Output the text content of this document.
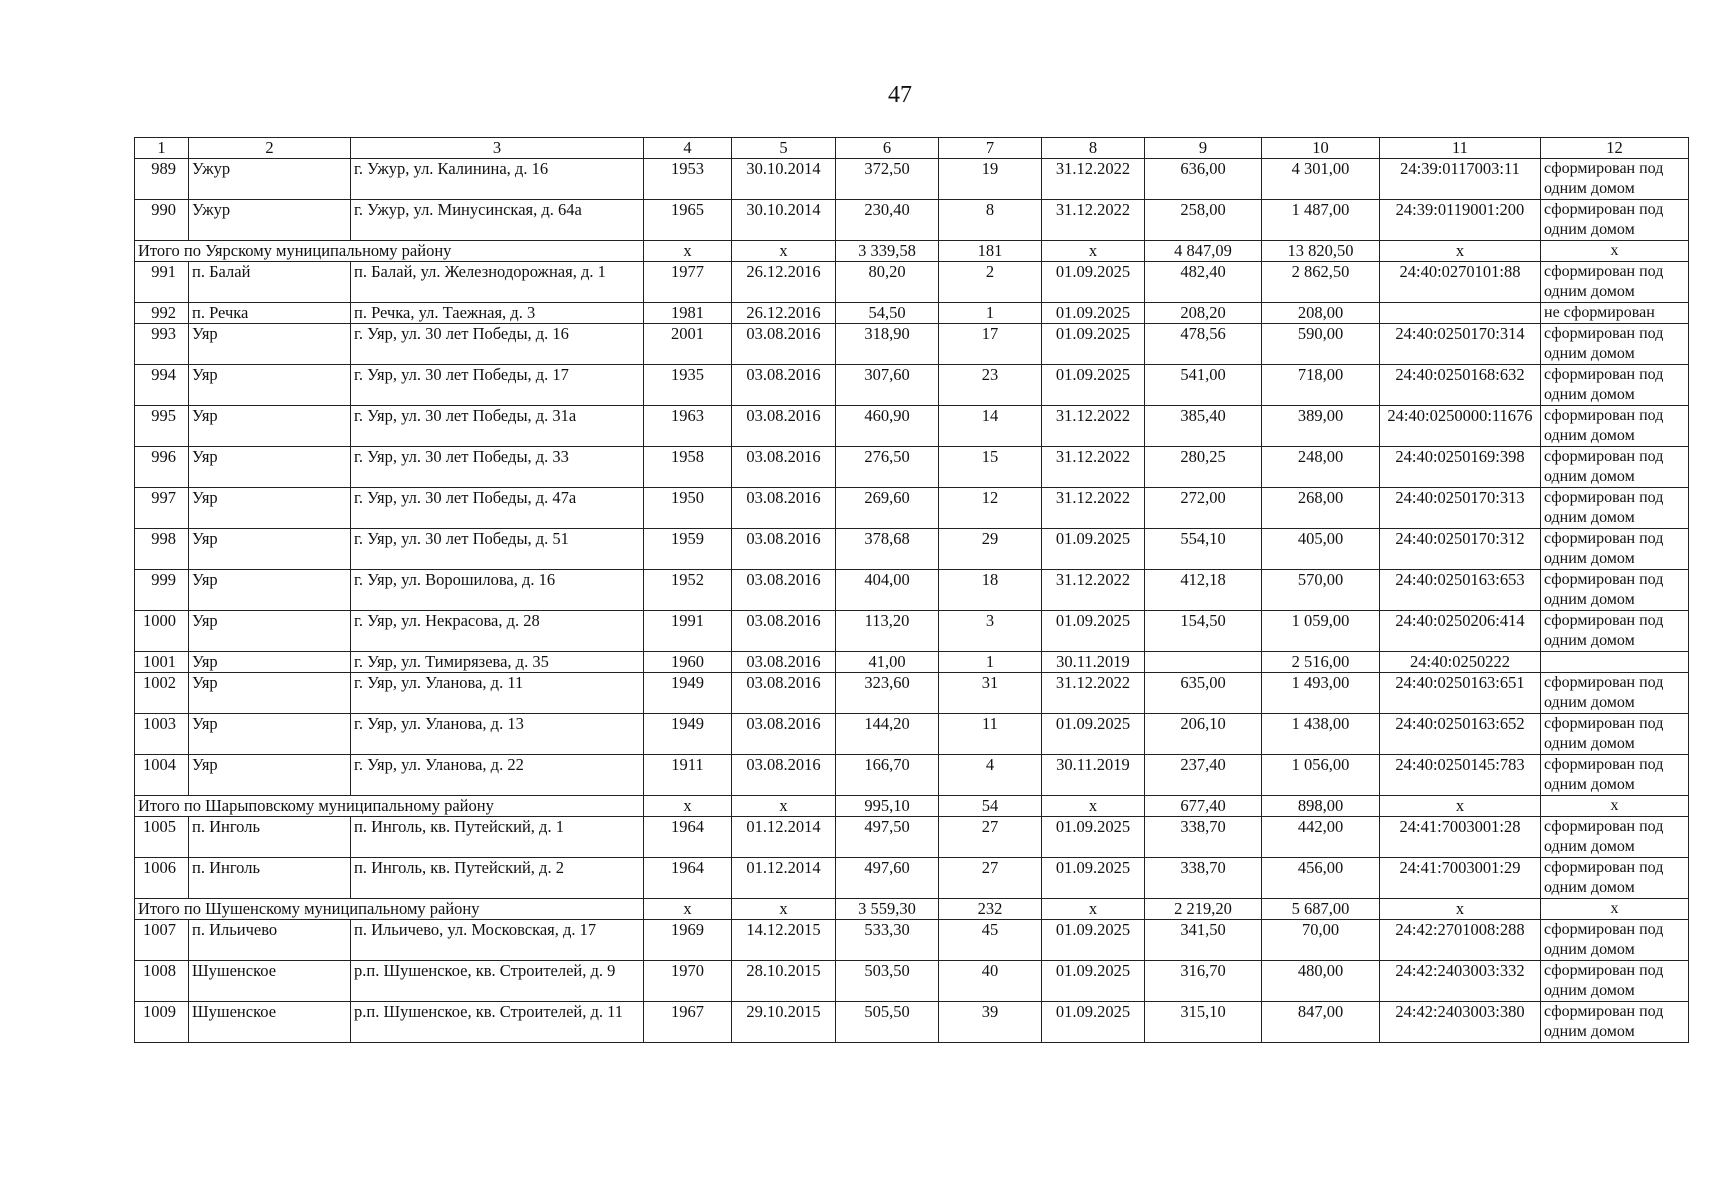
47
1	2	3	4	5	6	7	8	9	10	11	12
989	Ужур	г. Ужур, ул. Калинина, д. 16	1953	30.10.2014	372,50	19	31.12.2022	636,00	4 301,00	24:39:0117003:11	сформирован под одним домом
990	Ужур	г. Ужур, ул. Минусинская, д. 64а	1965	30.10.2014	230,40	8	31.12.2022	258,00	1 487,00	24:39:0119001:200	сформирован под одним домом
Итого по Уярскому муниципальному району			x	x	3 339,58	181	x	4 847,09	13 820,50	x	x
991	п. Балай	п. Балай, ул. Железнодорожная, д. 1	1977	26.12.2016	80,20	2	01.09.2025	482,40	2 862,50	24:40:0270101:88	сформирован под одним домом
992	п. Речка	п. Речка, ул. Таежная, д. 3	1981	26.12.2016	54,50	1	01.09.2025	208,20	208,00		не сформирован
993	Уяр	г. Уяр, ул. 30 лет Победы, д. 16	2001	03.08.2016	318,90	17	01.09.2025	478,56	590,00	24:40:0250170:314	сформирован под одним домом
994	Уяр	г. Уяр, ул. 30 лет Победы, д. 17	1935	03.08.2016	307,60	23	01.09.2025	541,00	718,00	24:40:0250168:632	сформирован под одним домом
995	Уяр	г. Уяр, ул. 30 лет Победы, д. 31а	1963	03.08.2016	460,90	14	31.12.2022	385,40	389,00	24:40:0250000:11676	сформирован под одним домом
996	Уяр	г. Уяр, ул. 30 лет Победы, д. 33	1958	03.08.2016	276,50	15	31.12.2022	280,25	248,00	24:40:0250169:398	сформирован под одним домом
997	Уяр	г. Уяр, ул. 30 лет Победы, д. 47а	1950	03.08.2016	269,60	12	31.12.2022	272,00	268,00	24:40:0250170:313	сформирован под одним домом
998	Уяр	г. Уяр, ул. 30 лет Победы, д. 51	1959	03.08.2016	378,68	29	01.09.2025	554,10	405,00	24:40:0250170:312	сформирован под одним домом
999	Уяр	г. Уяр, ул. Ворошилова, д. 16	1952	03.08.2016	404,00	18	31.12.2022	412,18	570,00	24:40:0250163:653	сформирован под одним домом
1000	Уяр	г. Уяр, ул. Некрасова, д. 28	1991	03.08.2016	113,20	3	01.09.2025	154,50	1 059,00	24:40:0250206:414	сформирован под одним домом
1001	Уяр	г. Уяр, ул. Тимирязева, д. 35	1960	03.08.2016	41,00	1	30.11.2019		2 516,00	24:40:0250222	
1002	Уяр	г. Уяр, ул. Уланова, д. 11	1949	03.08.2016	323,60	31	31.12.2022	635,00	1 493,00	24:40:0250163:651	сформирован под одним домом
1003	Уяр	г. Уяр, ул. Уланова, д. 13	1949	03.08.2016	144,20	11	01.09.2025	206,10	1 438,00	24:40:0250163:652	сформирован под одним домом
1004	Уяр	г. Уяр, ул. Уланова, д. 22	1911	03.08.2016	166,70	4	30.11.2019	237,40	1 056,00	24:40:0250145:783	сформирован под одним домом
Итого по Шарыповскому муниципальному району			x	x	995,10	54	x	677,40	898,00	x	x
1005	п. Инголь	п. Инголь, кв. Путейский, д. 1	1964	01.12.2014	497,50	27	01.09.2025	338,70	442,00	24:41:7003001:28	сформирован под одним домом
1006	п. Инголь	п. Инголь, кв. Путейский, д. 2	1964	01.12.2014	497,60	27	01.09.2025	338,70	456,00	24:41:7003001:29	сформирован под одним домом
Итого по Шушенскому муниципальному району			x	x	3 559,30	232	x	2 219,20	5 687,00	x	x
1007	п. Ильичево	п. Ильичево, ул. Московская, д. 17	1969	14.12.2015	533,30	45	01.09.2025	341,50	70,00	24:42:2701008:288	сформирован под одним домом
1008	Шушенское	р.п. Шушенское, кв. Строителей, д. 9	1970	28.10.2015	503,50	40	01.09.2025	316,70	480,00	24:42:2403003:332	сформирован под одним домом
1009	Шушенское	р.п. Шушенское, кв. Строителей, д. 11	1967	29.10.2015	505,50	39	01.09.2025	315,10	847,00	24:42:2403003:380	сформирован под одним домом
